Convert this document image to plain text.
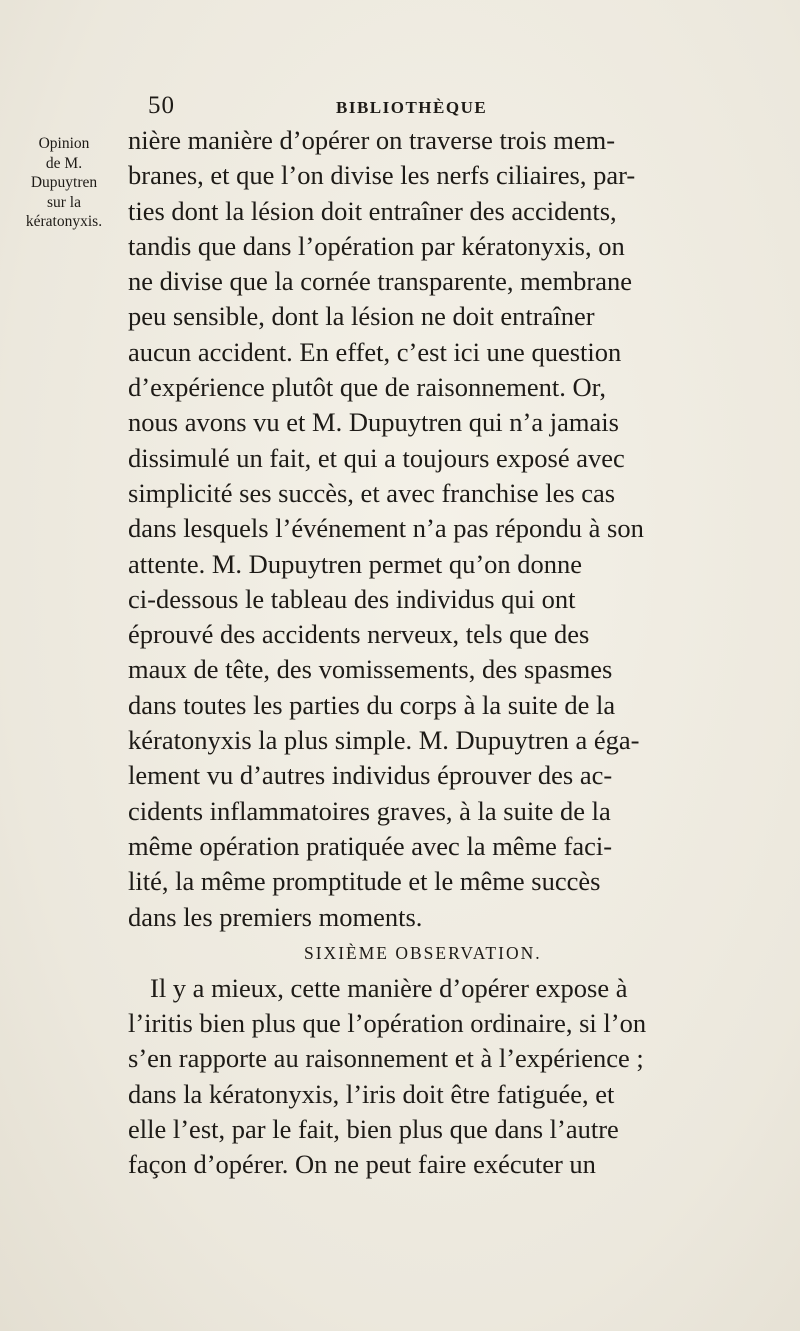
50	BIBLIOTHÈQUE
Opinion
de M.
Dupuytren
sur la
kératonyxis.
nière manière d’opérer on traverse trois mem-
branes, et que l’on divise les nerfs ciliaires, par-
ties dont la lésion doit entraîner des accidents,
tandis que dans l’opération par kératonyxis, on
ne divise que la cornée transparente, membrane
peu sensible, dont la lésion ne doit entraîner
aucun accident. En effet, c’est ici une question
d’expérience plutôt que de raisonnement. Or,
nous avons vu et M. Dupuytren qui n’a jamais
dissimulé un fait, et qui a toujours exposé avec
simplicité ses succès, et avec franchise les cas
dans lesquels l’événement n’a pas répondu à son
attente. M. Dupuytren permet qu’on donne
ci-dessous le tableau des individus qui ont
éprouvé des accidents nerveux, tels que des
maux de tête, des vomissements, des spasmes
dans toutes les parties du corps à la suite de la
kératonyxis la plus simple. M. Dupuytren a éga-
lement vu d’autres individus éprouver des ac-
cidents inflammatoires graves, à la suite de la
même opération pratiquée avec la même faci-
lité, la même promptitude et le même succès
dans les premiers moments.
SIXIÈME OBSERVATION.
Il y a mieux, cette manière d’opérer expose à
l’iritis bien plus que l’opération ordinaire, si l’on
s’en rapporte au raisonnement et à l’expérience ;
dans la kératonyxis, l’iris doit être fatiguée, et
elle l’est, par le fait, bien plus que dans l’autre
façon d’opérer. On ne peut faire exécuter un
